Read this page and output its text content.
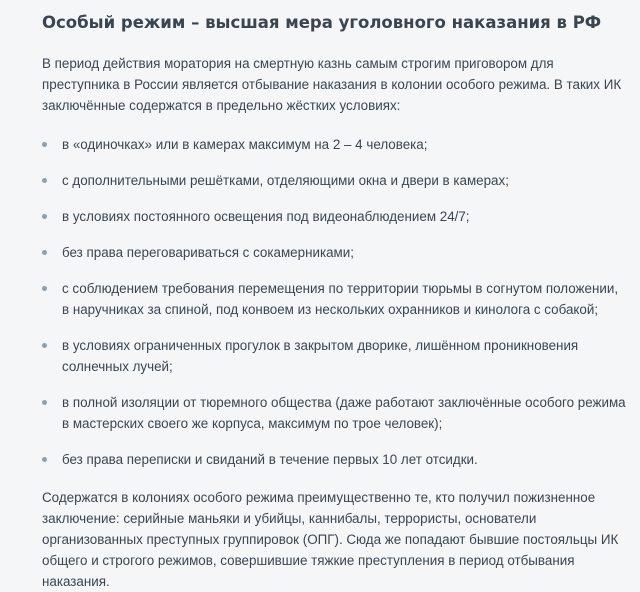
Особый режим – высшая мера уголовного наказания в РФ

В период действия моратория на смертную казнь самым строгим приговором для преступника в России является отбывание наказания в колонии особого режима. В таких ИК заключённые содержатся в предельно жёстких условиях:

в «одиночках» или в камерах максимум на 2 – 4 человека;
с дополнительными решётками, отделяющими окна и двери в камерах;
в условиях постоянного освещения под видеонаблюдением 24/7;
без права переговариваться с сокамерниками;
с соблюдением требования перемещения по территории тюрьмы в согнутом положении, в наручниках за спиной, под конвоем из нескольких охранников и кинолога с собакой;
в условиях ограниченных прогулок в закрытом дворике, лишённом проникновения солнечных лучей;
в полной изоляции от тюремного общества (даже работают заключённые особого режима в мастерских своего же корпуса, максимум по трое человек);
без права переписки и свиданий в течение первых 10 лет отсидки.

Содержатся в колониях особого режима преимущественно те, кто получил пожизненное заключение: серийные маньяки и убийцы, каннибалы, террористы, основатели организованных преступных группировок (ОПГ). Сюда же попадают бывшие постояльцы ИК общего и строгого режимов, совершившие тяжкие преступления в период отбывания наказания.
